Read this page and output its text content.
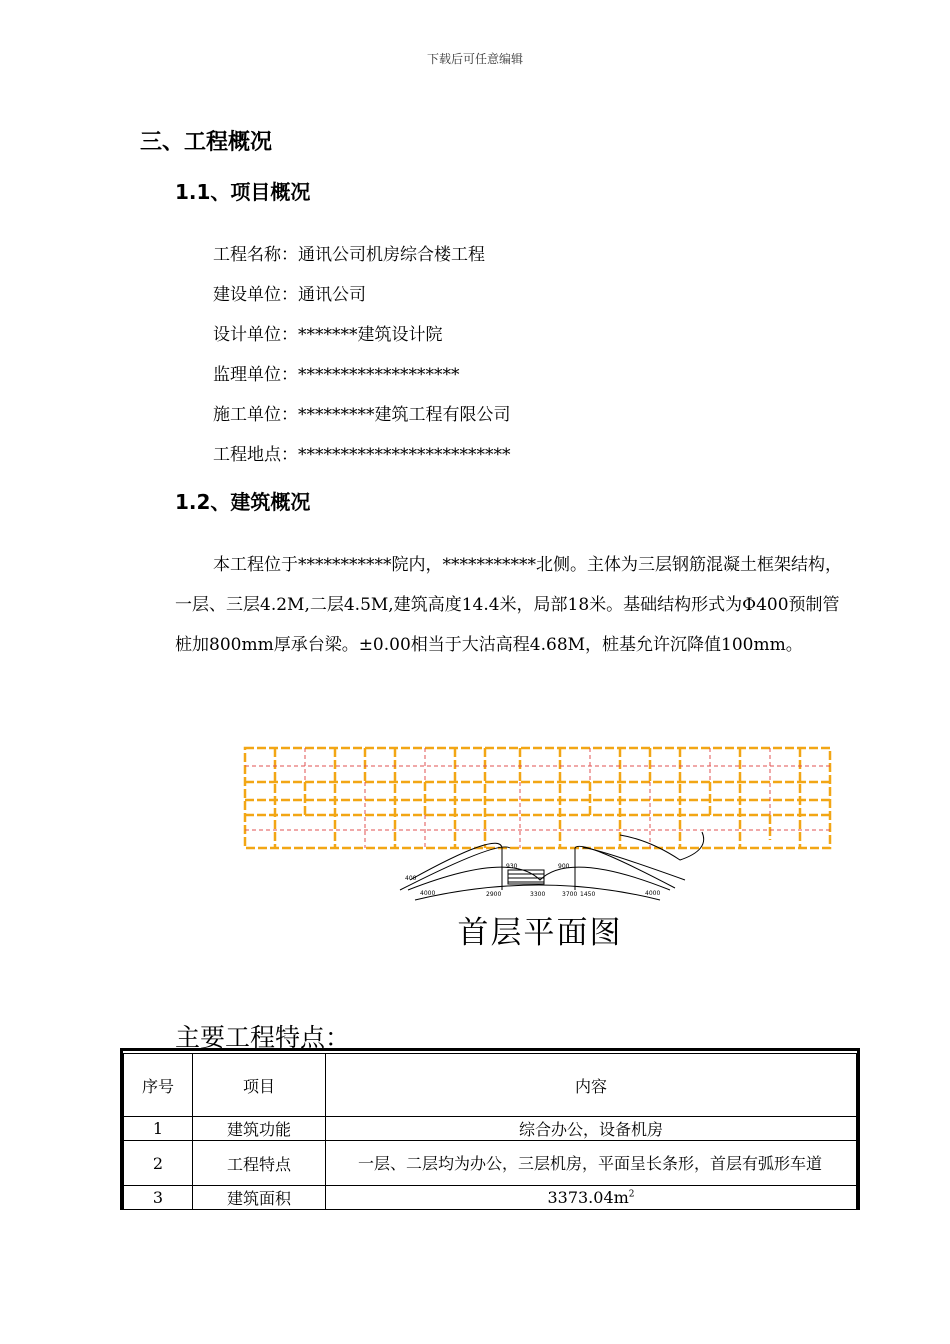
下载后可任意编辑
三、工程概况
1.1、项目概况
工程名称：通讯公司机房综合楼工程
建设单位：通讯公司
设计单位：*******建筑设计院
监理单位：*******************
施工单位：*********建筑工程有限公司
工程地点：*************************
1.2、建筑概况
本工程位于***********院内，***********北侧。主体为三层钢筋混凝土框架结构，一层、三层4.2M,二层4.5M,建筑高度14.4米，局部18米。基础结构形式为Φ400预制管桩加800mm厚承台梁。±0.00相当于大沽高程4.68M，桩基允许沉降值100mm。
930	900
3300	3700 1450
4000	4000
400
2900
首层平面图
主要工程特点：
序号	项目	内容
1	建筑功能	综合办公，设备机房
2	工程特点	一层、二层均为办公，三层机房，平面呈长条形，首层有弧形车道
3	建筑面积	$3373.04m^2$
